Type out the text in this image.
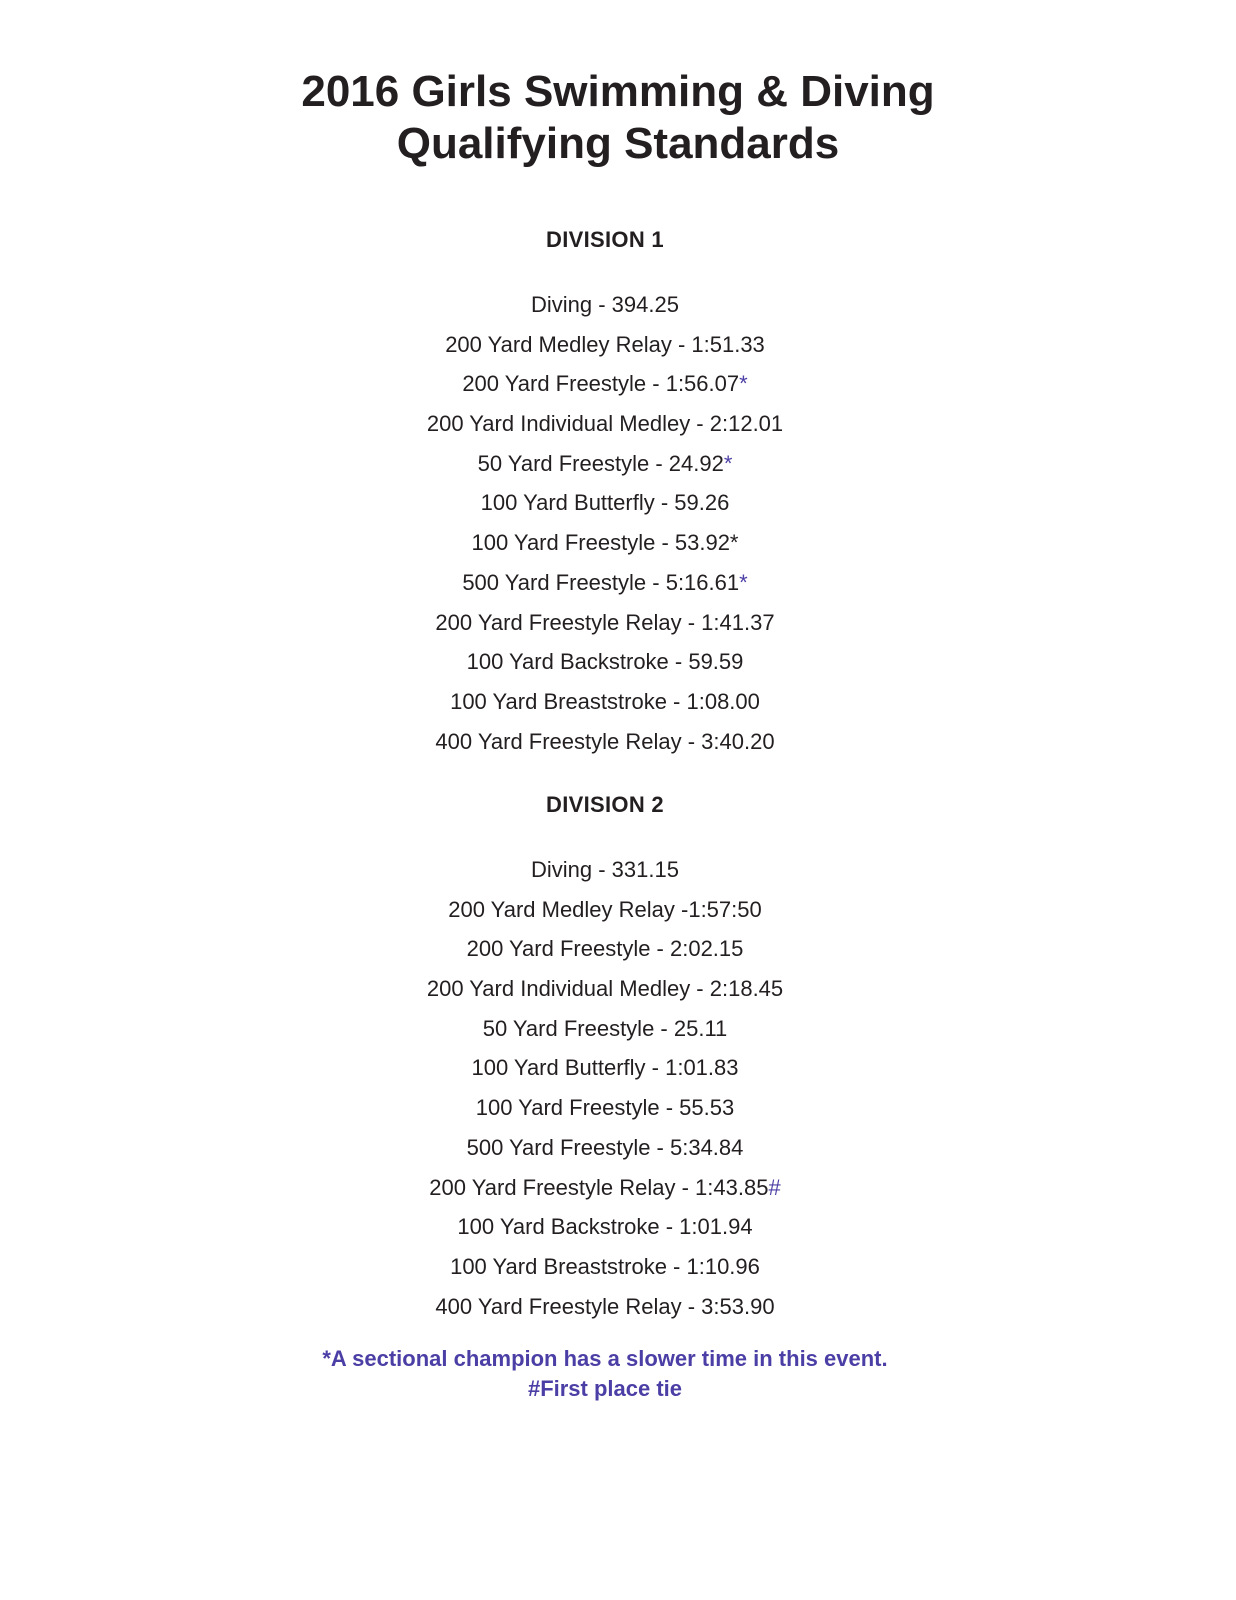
2016 Girls Swimming & Diving
Qualifying Standards
DIVISION 1
Diving - 394.25
200 Yard Medley Relay - 1:51.33
200 Yard Freestyle - 1:56.07*
200 Yard Individual Medley - 2:12.01
50 Yard Freestyle - 24.92*
100 Yard Butterfly - 59.26
100 Yard Freestyle - 53.92*
500 Yard Freestyle - 5:16.61*
200 Yard Freestyle Relay - 1:41.37
100 Yard Backstroke - 59.59
100 Yard Breaststroke - 1:08.00
400 Yard Freestyle Relay - 3:40.20
DIVISION 2
Diving - 331.15
200 Yard Medley Relay -1:57:50
200 Yard Freestyle - 2:02.15
200 Yard Individual Medley - 2:18.45
50 Yard Freestyle - 25.11
100 Yard Butterfly - 1:01.83
100 Yard Freestyle - 55.53
500 Yard Freestyle - 5:34.84
200 Yard Freestyle Relay - 1:43.85#
100 Yard Backstroke - 1:01.94
100 Yard Breaststroke - 1:10.96
400 Yard Freestyle Relay - 3:53.90
*A sectional champion has a slower time in this event.
#First place tie
